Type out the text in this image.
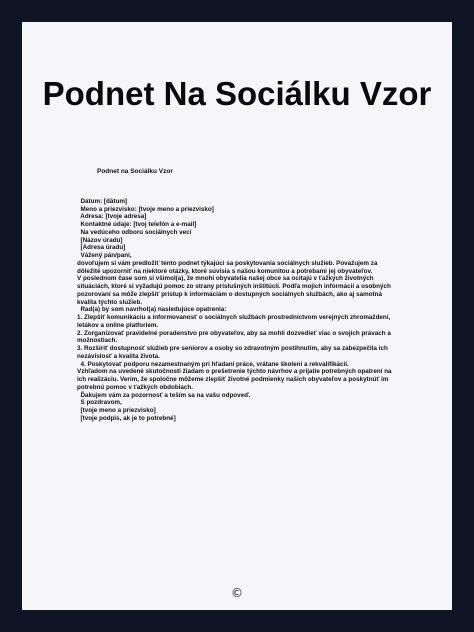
Podnet Na Sociálku Vzor
Podnet na Sociálku Vzor
Dátum: [dátum]
Meno a priezvisko: [tvoje meno a priezvisko]
Adresa: [tvoje adresa]
Kontaktné údaje: [tvoj telefón a e-mail]
Na vedúceho odboru sociálnych vecí
[Názov úradu]
[Adresa úradu]
Vážený pán/pani,
dovoľujem si vám predložiť tento podnet týkajúci sa poskytovania sociálnych služieb. Považujem za
dôležité upozorniť na niektoré otázky, ktoré súvisia s našou komunitou a potrebami jej obyvateľov.
V poslednom čase som si všimol(a), že mnohí obyvatelia našej obce sa ocitajú v ťažkých životných
situáciách, ktoré si vyžadujú pomoc zo strany príslušných inštitúcií. Podľa mojich informácií a osobných
pozorovaní sa môže zlepšiť prístup k informáciám o dostupných sociálnych službách, ako aj samotná
kvalita týchto služieb.
Rad(a) by som navrhol(a) nasledujúce opatrenia:
1. Zlepšiť komunikáciu a informovanosť o sociálnych službách prostredníctvom verejných zhromaždení,
letákov a online platforiem.
2. Zorganizovať pravidelné poradenstvo pre obyvateľov, aby sa mohli dozvedieť viac o svojich právach a
možnostiach.
3. Rozšíriť dostupnosť služieb pre seniorov a osoby so zdravotným postihnutím, aby sa zabezpečila ich
nezávislosť a kvalita života.
4. Poskytovať podporu nezamestnaným pri hľadaní práce, vrátane školení a rekvalifikácií.
Vzhľadom na uvedené skutočnosti žiadam o prešetrenie týchto návrhov a prijatie potrebných opatrení na
ich realizáciu. Verím, že spoločne môžeme zlepšiť životné podmienky našich obyvateľov a poskytnúť im
potrebnú pomoc v ťažkých obdobiach.
Ďakujem vám za pozornosť a teším sa na vašu odpoveď.
S pozdravom,
[tvoje meno a priezvisko]
[tvoje podpis, ak je to potrebné]
©
